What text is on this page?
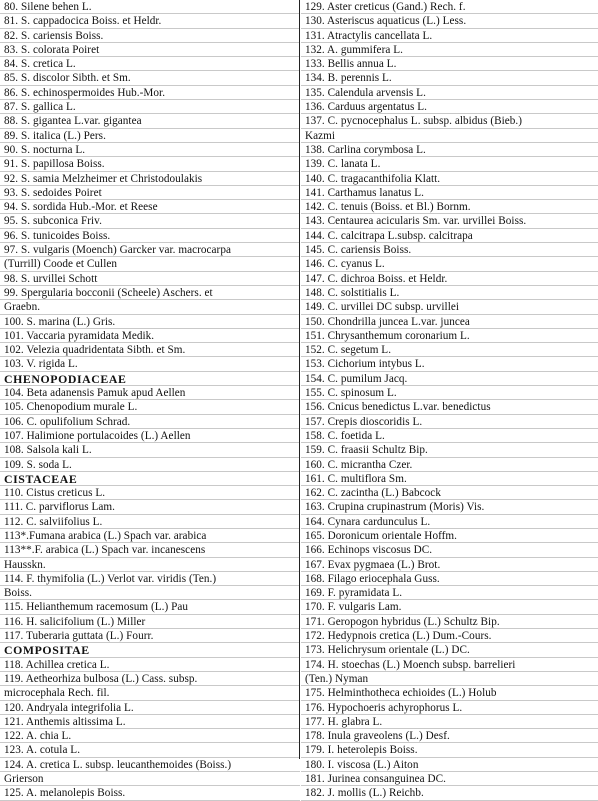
80. Silene behen L.
81. S. cappadocica Boiss. et Heldr.
82. S. cariensis Boiss.
83. S. colorata Poiret
84. S. cretica L.
85. S. discolor Sibth. et Sm.
86. S. echinospermoides Hub.-Mor.
87. S. gallica L.
88. S. gigantea L.var. gigantea
89. S. italica (L.) Pers.
90. S. nocturna L.
91. S. papillosa Boiss.
92. S. samia Melzheimer et Christodoulakis
93. S. sedoides Poiret
94. S. sordida Hub.-Mor. et Reese
95. S. subconica Friv.
96. S. tunicoides Boiss.
97. S. vulgaris (Moench) Garcker var. macrocarpa
(Turrill) Coode et Cullen
98. S. urvillei Schott
99. Spergularia bocconii (Scheele) Aschers. et
Graebn.
100. S. marina (L.) Gris.
101. Vaccaria pyramidata Medik.
102. Velezia quadridentata Sibth. et Sm.
103. V. rigida L.
CHENOPODIACEAE
104. Beta adanensis Pamuk apud Aellen
105. Chenopodium murale L.
106. C. opulifolium Schrad.
107. Halimione portulacoides (L.) Aellen
108. Salsola kali L.
109. S. soda L.
CISTACEAE
110. Cistus creticus L.
111. C. parviflorus Lam.
112. C. salviifolius L.
113*.Fumana arabica (L.) Spach var. arabica
113**.F. arabica (L.) Spach var. incanescens
Hausskn.
114. F. thymifolia (L.) Verlot var. viridis (Ten.)
Boiss.
115. Helianthemum racemosum (L.) Pau
116. H. salicifolium (L.) Miller
117. Tuberaria guttata (L.) Fourr.
COMPOSITAE
118. Achillea cretica L.
119. Aetheorhiza bulbosa (L.) Cass. subsp.
microcephala Rech. fil.
120. Andryala integrifolia L.
121. Anthemis altissima L.
122. A. chia L.
123. A. cotula L.
124. A. cretica L. subsp. leucanthemoides (Boiss.)
Grierson
125. A. melanolepis Boiss.
129. Aster creticus (Gand.) Rech. f.
130. Asteriscus aquaticus (L.) Less.
131. Atractylis cancellata L.
132. A. gummifera L.
133. Bellis annua L.
134. B. perennis L.
135. Calendula arvensis L.
136. Carduus argentatus L.
137. C. pycnocephalus L. subsp. albidus (Bieb.)
Kazmi
138. Carlina corymbosa L.
139. C. lanata L.
140. C. tragacanthifolia Klatt.
141. Carthamus lanatus L.
142. C. tenuis (Boiss. et Bl.) Bornm.
143. Centaurea acicularis Sm. var. urvillei Boiss.
144. C. calcitrapa L.subsp. calcitrapa
145. C. cariensis Boiss.
146. C. cyanus L.
147. C. dichroa Boiss. et Heldr.
148. C. solstitialis L.
149. C. urvillei DC subsp. urvillei
150. Chondrilla juncea L.var. juncea
151. Chrysanthemum coronarium L.
152. C. segetum L.
153. Cichorium intybus L.
154. C. pumilum Jacq.
155. C. spinosum L.
156. Cnicus benedictus L.var. benedictus
157. Crepis dioscoridis L.
158. C. foetida L.
159. C. fraasii Schultz Bip.
160. C. micrantha Czer.
161. C. multiflora Sm.
162. C. zacintha (L.) Babcock
163. Crupina crupinastrum (Moris) Vis.
164. Cynara cardunculus L.
165. Doronicum orientale Hoffm.
166. Echinops viscosus DC.
167. Evax pygmaea (L.) Brot.
168. Filago eriocephala Guss.
169. F. pyramidata L.
170. F. vulgaris Lam.
171. Geropogon hybridus (L.) Schultz Bip.
172. Hedypnois cretica (L.) Dum.-Cours.
173. Helichrysum orientale (L.) DC.
174. H. stoechas (L.) Moench subsp. barrelieri
(Ten.) Nyman
175. Helminthotheca echioides (L.) Holub
176. Hypochoeris achyrophorus L.
177. H. glabra L.
178. Inula graveolens (L.) Desf.
179. I. heterolepis Boiss.
180. I. viscosa (L.) Aiton
181. Jurinea consanguinea DC.
182. J. mollis (L.) Reichb.
